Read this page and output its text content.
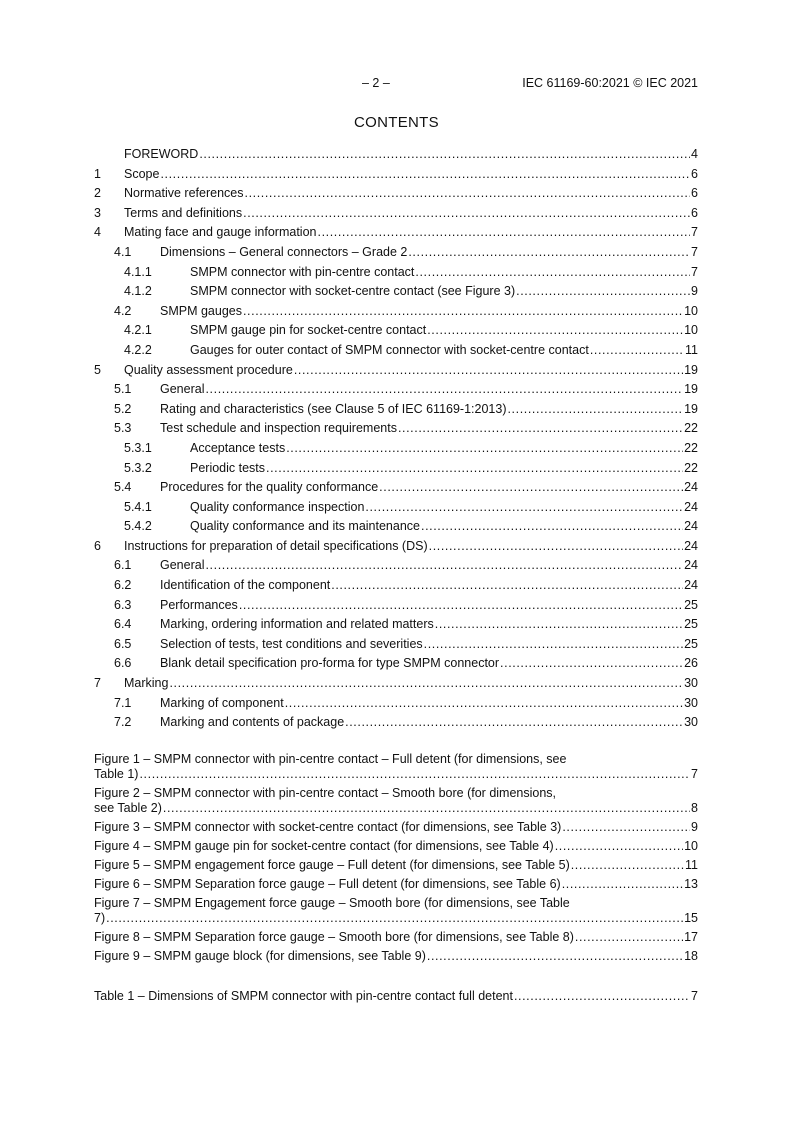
– 2 –	IEC 61169-60:2021 © IEC 2021
CONTENTS
FOREWORD .....	4
1	Scope .....	6
2	Normative references .....	6
3	Terms and definitions .....	6
4	Mating face and gauge information .....	7
4.1	Dimensions – General connectors – Grade 2 .....	7
4.1.1	SMPM connector with pin-centre contact .....	7
4.1.2	SMPM connector with socket-centre contact (see Figure 3) .....	9
4.2	SMPM gauges .....	10
4.2.1	SMPM gauge pin for socket-centre contact .....	10
4.2.2	Gauges for outer contact of SMPM connector with socket-centre contact .....	11
5	Quality assessment procedure .....	19
5.1	General .....	19
5.2	Rating and characteristics (see Clause 5 of IEC 61169-1:2013) .....	19
5.3	Test schedule and inspection requirements .....	22
5.3.1	Acceptance tests .....	22
5.3.2	Periodic tests .....	22
5.4	Procedures for the quality conformance .....	24
5.4.1	Quality conformance inspection .....	24
5.4.2	Quality conformance and its maintenance .....	24
6	Instructions for preparation of detail specifications (DS) .....	24
6.1	General .....	24
6.2	Identification of the component .....	24
6.3	Performances .....	25
6.4	Marking, ordering information and related matters .....	25
6.5	Selection of tests, test conditions and severities .....	25
6.6	Blank detail specification pro-forma for type SMPM connector .....	26
7	Marking .....	30
7.1	Marking of component .....	30
7.2	Marking and contents of package .....	30
Figure 1 – SMPM connector with pin-centre contact – Full detent (for dimensions, see
Table 1) .....	7
Figure 2 – SMPM connector with pin-centre contact – Smooth bore (for dimensions,
see Table 2) .....	8
Figure 3 – SMPM connector with socket-centre contact (for dimensions, see Table 3) .....	9
Figure 4 – SMPM gauge pin for socket-centre contact (for dimensions, see Table 4) .....	10
Figure 5 – SMPM engagement force gauge – Full detent (for dimensions, see Table 5) .....	11
Figure 6 – SMPM Separation force gauge – Full detent (for dimensions, see Table 6) .....	13
Figure 7 – SMPM Engagement force gauge – Smooth bore (for dimensions, see Table
7) .....	15
Figure 8 – SMPM Separation force gauge – Smooth bore (for dimensions, see Table 8) .....	17
Figure 9 – SMPM gauge block (for dimensions, see Table 9) .....	18
Table 1 – Dimensions of SMPM connector with pin-centre contact full detent .....	7
